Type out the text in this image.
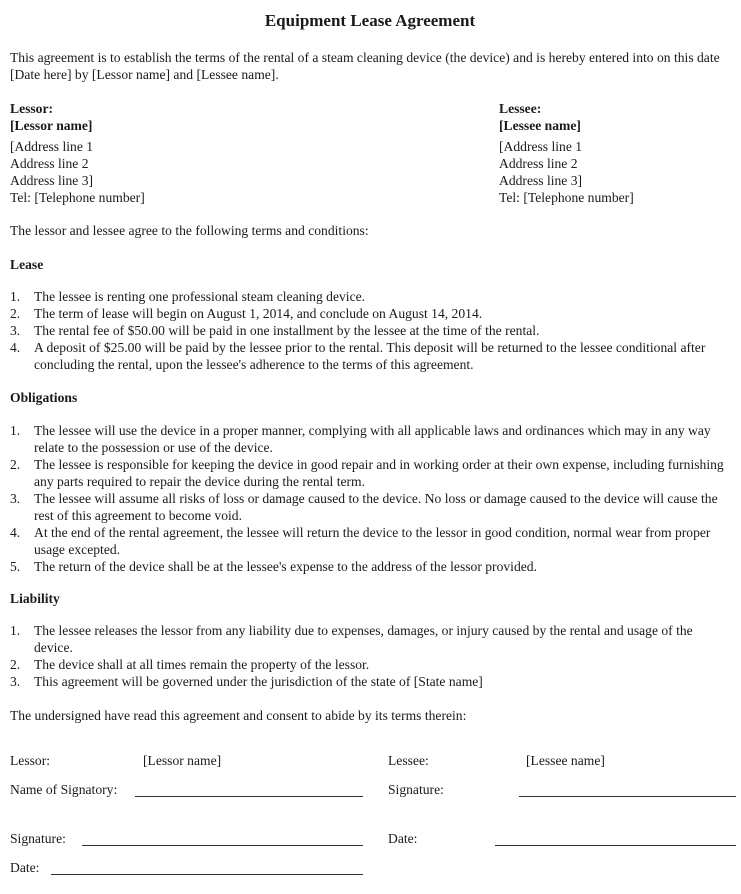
Equipment Lease Agreement
This agreement is to establish the terms of the rental of a steam cleaning device (the device) and is hereby entered into on this date [Date here] by [Lessor name] and [Lessee name].
Lessor:
[Lessor name]
[Address line 1
Address line 2
Address line 3]
Tel: [Telephone number]
Lessee:
[Lessee name]
[Address line 1
Address line 2
Address line 3]
Tel: [Telephone number]
The lessor and lessee agree to the following terms and conditions:
Lease
1.	The lessee is renting one professional steam cleaning device.
2.	The term of lease will begin on August 1, 2014, and conclude on August 14, 2014.
3.	The rental fee of $50.00 will be paid in one installment by the lessee at the time of the rental.
4.	A deposit of $25.00 will be paid by the lessee prior to the rental. This deposit will be returned to the lessee conditional after concluding the rental, upon the lessee's adherence to the terms of this agreement.
Obligations
1.	The lessee will use the device in a proper manner, complying with all applicable laws and ordinances which may in any way relate to the possession or use of the device.
2.	The lessee is responsible for keeping the device in good repair and in working order at their own expense, including furnishing any parts required to repair the device during the rental term.
3.	The lessee will assume all risks of loss or damage caused to the device. No loss or damage caused to the device will cause the rest of this agreement to become void.
4.	At the end of the rental agreement, the lessee will return the device to the lessor in good condition, normal wear from proper usage excepted.
5.	The return of the device shall be at the lessee's expense to the address of the lessor provided.
Liability
1.	The lessee releases the lessor from any liability due to expenses, damages, or injury caused by the rental and usage of the device.
2.	The device shall at all times remain the property of the lessor.
3.	This agreement will be governed under the jurisdiction of the state of [State name]
The undersigned have read this agreement and consent to abide by its terms therein:
Lessor:	[Lessor name]	Lessee:	[Lessee name]
Name of Signatory:	Signature:
Signature:	Date:
Date:
